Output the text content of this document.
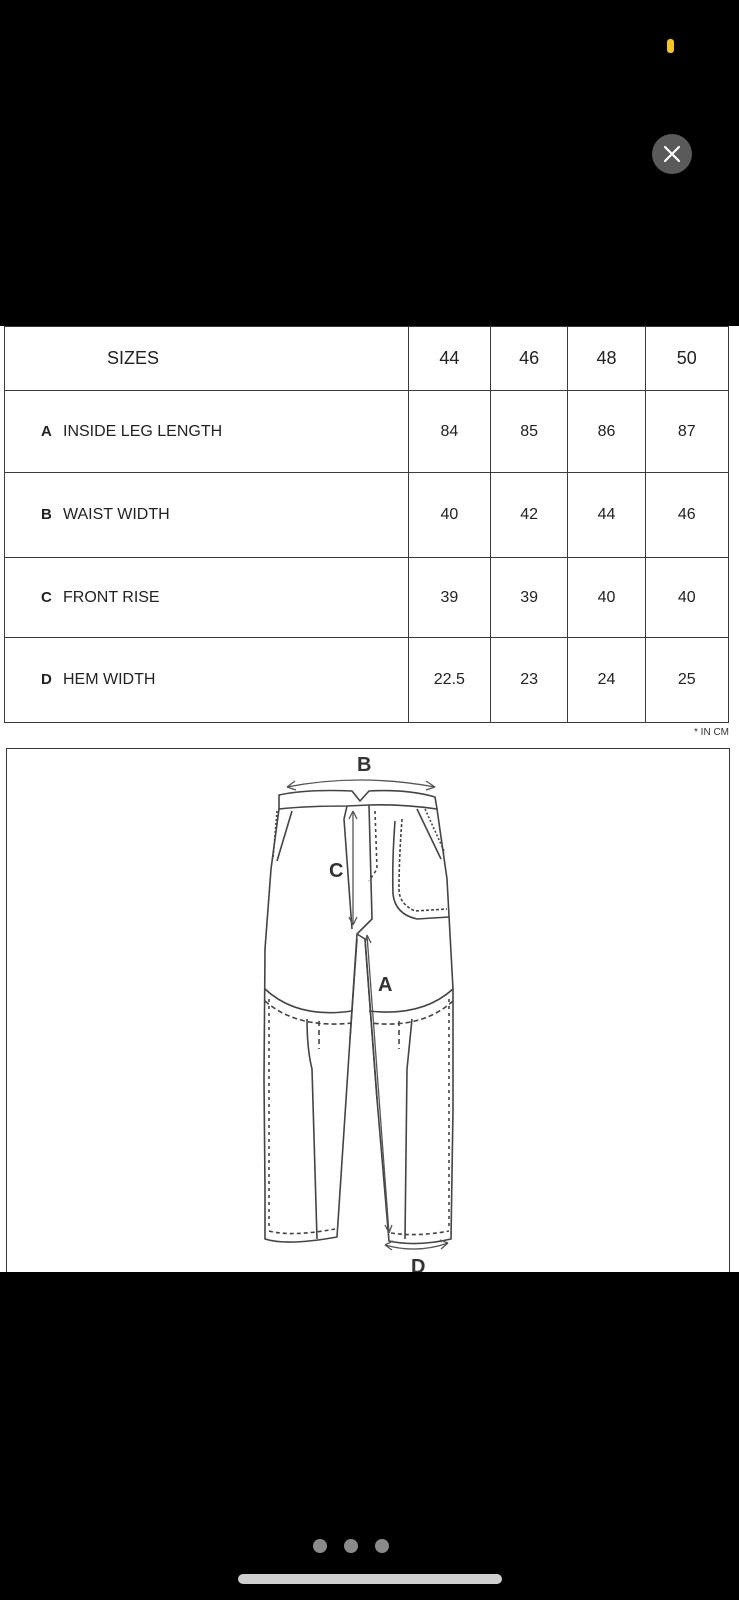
SIZES	44	46	48	50
A INSIDE LEG LENGTH	84	85	86	87
B WAIST WIDTH	40	42	44	46
C FRONT RISE	39	39	40	40
D HEM WIDTH	22.5	23	24	25
* IN CM
B
C
A
D
